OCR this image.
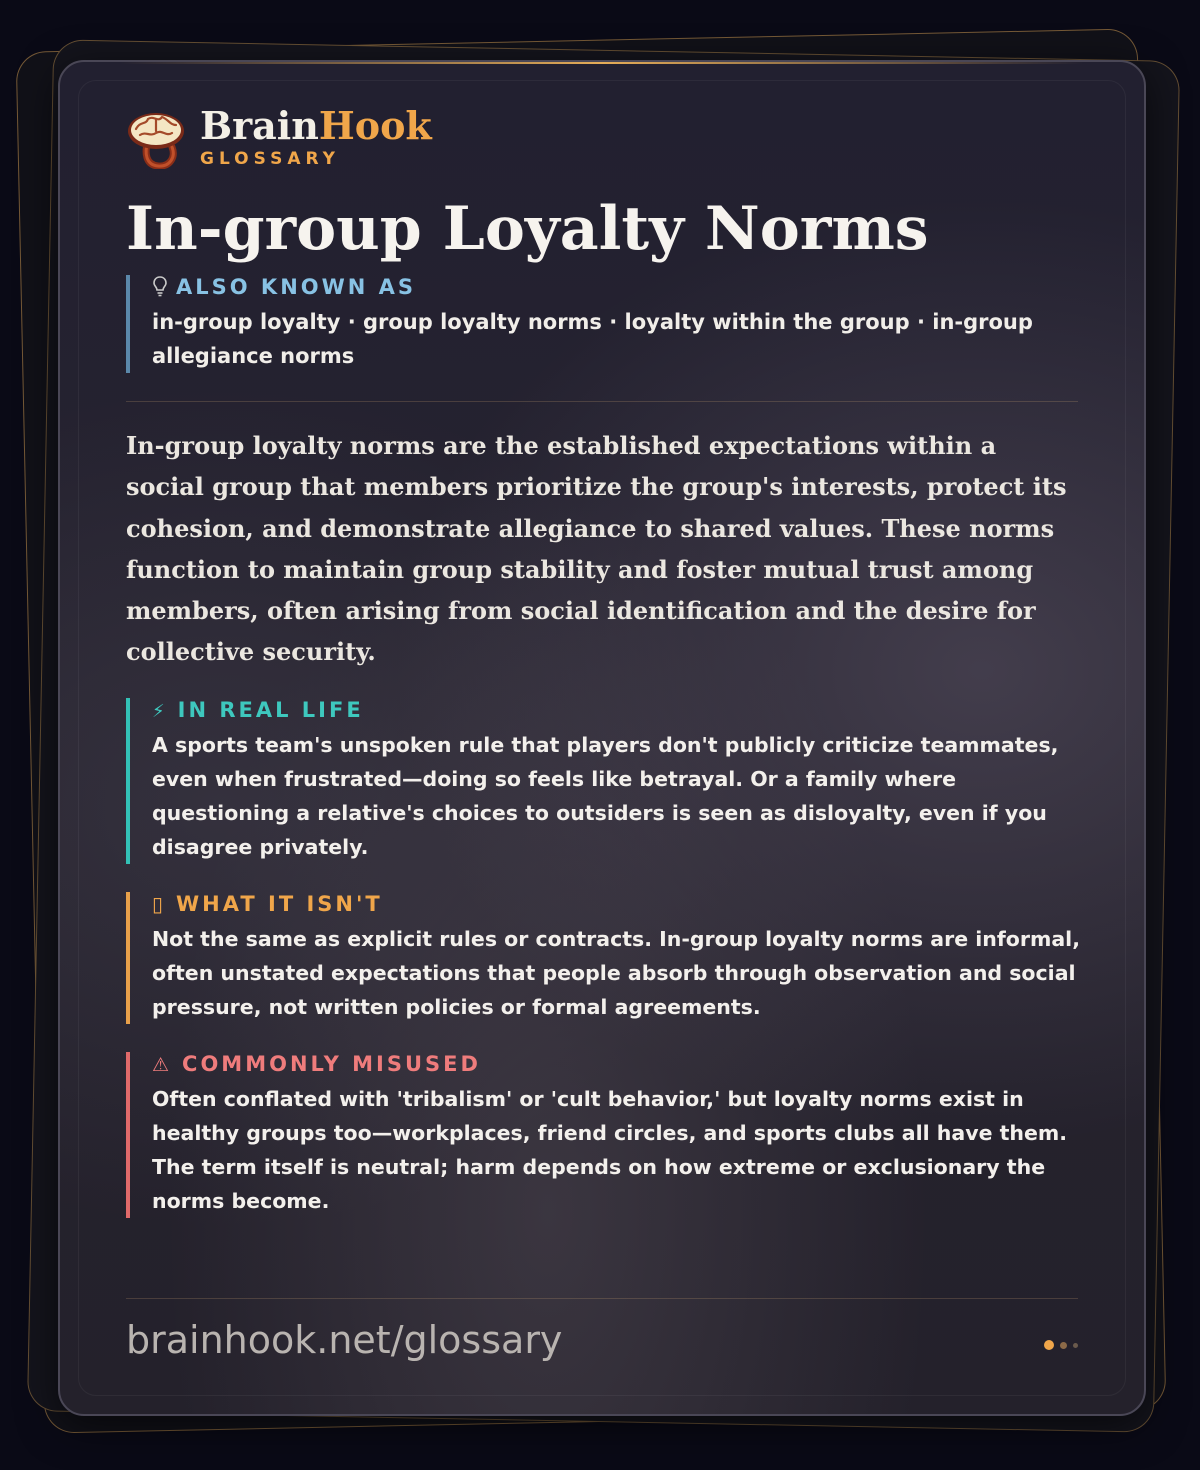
BrainHook
GLOSSARY
In-group Loyalty Norms
ALSO KNOWN AS
in-group loyalty · group loyalty norms · loyalty within the group · in-group allegiance norms
In-group loyalty norms are the established expectations within a social group that members prioritize the group's interests, protect its cohesion, and demonstrate allegiance to shared values. These norms function to maintain group stability and foster mutual trust among members, often arising from social identification and the desire for collective security.
⚡ IN REAL LIFE
A sports team's unspoken rule that players don't publicly criticize teammates, even when frustrated—doing so feels like betrayal. Or a family where questioning a relative's choices to outsiders is seen as disloyalty, even if you disagree privately.
▯ WHAT IT ISN'T
Not the same as explicit rules or contracts. In-group loyalty norms are informal, often unstated expectations that people absorb through observation and social pressure, not written policies or formal agreements.
⚠ COMMONLY MISUSED
Often conflated with 'tribalism' or 'cult behavior,' but loyalty norms exist in healthy groups too—workplaces, friend circles, and sports clubs all have them. The term itself is neutral; harm depends on how extreme or exclusionary the norms become.
brainhook.net/glossary
